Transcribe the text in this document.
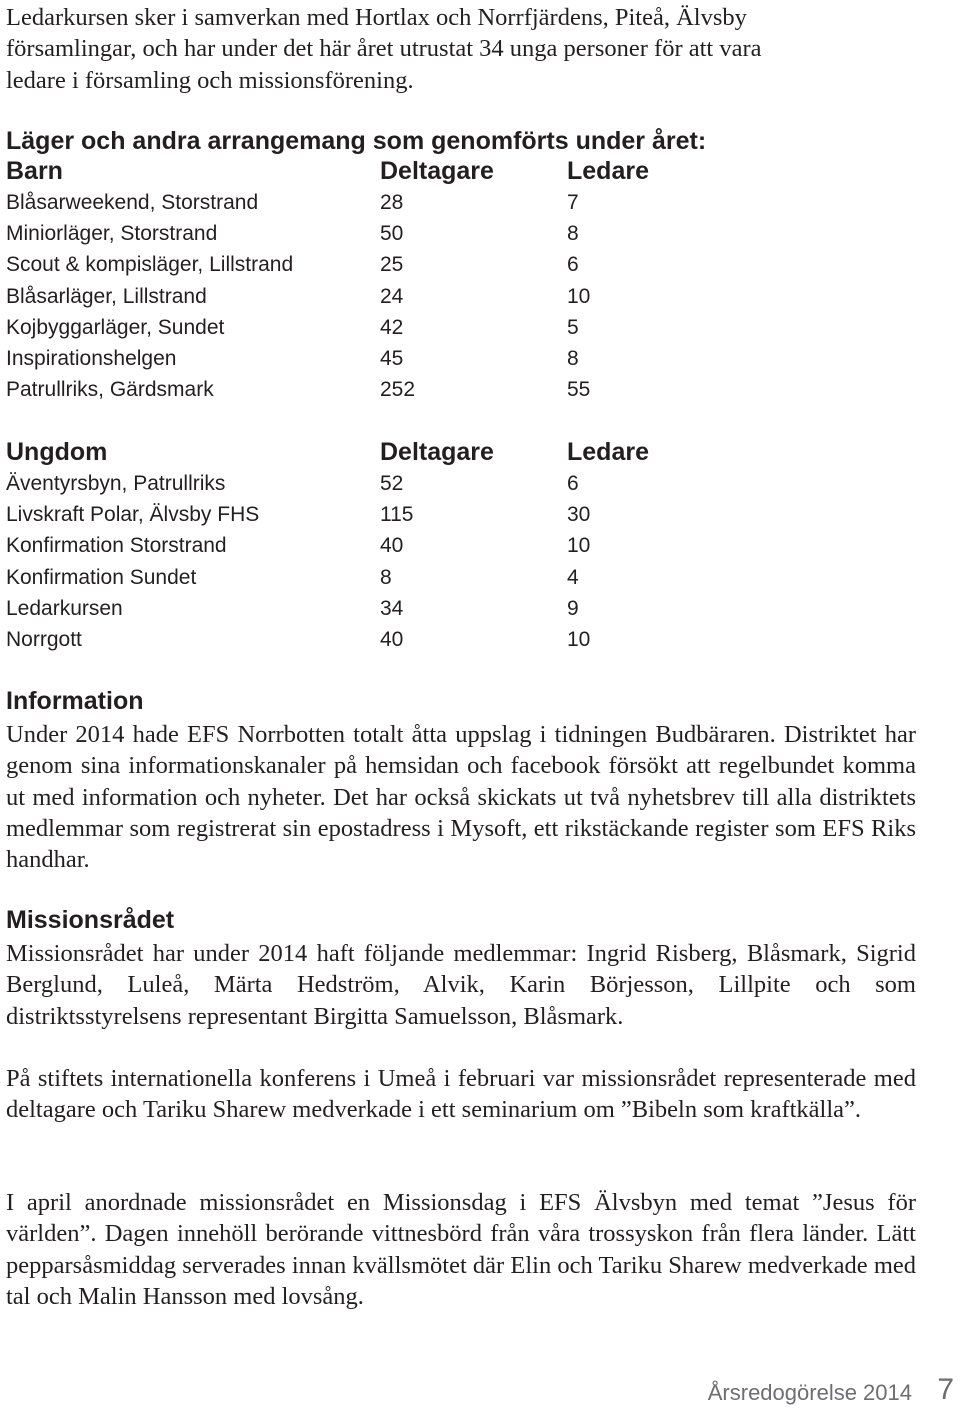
Ledarkursen sker i samverkan med Hortlax och Norrfjärdens, Piteå, Älvsby
församlingar, och har under det här året utrustat 34 unga personer för att vara
ledare i församling och missionsförening.
Läger och andra arrangemang som genomförts under året:
Barn	Deltagare	Ledare
Blåsarweekend, Storstrand	28	7
Miniorläger, Storstrand	50	8
Scout & kompisläger, Lillstrand	25	6
Blåsarläger, Lillstrand	24	10
Kojbyggarläger, Sundet	42	5
Inspirationshelgen	45	8
Patrullriks, Gärdsmark	252	55
Ungdom	Deltagare	Ledare
Äventyrsbyn, Patrullriks	52	6
Livskraft Polar, Älvsby FHS	115	30
Konfirmation Storstrand	40	10
Konfirmation Sundet	8	4
Ledarkursen	34	9
Norrgott	40	10
Information

Under 2014 hade EFS Norrbotten totalt åtta uppslag i tidningen Budbäraren. Distriktet har genom sina informationskanaler på hemsidan och facebook försökt att regelbundet komma ut med information och nyheter. Det har också skickats ut två nyhetsbrev till alla distriktets medlemmar som registrerat sin epostadress i Mysoft, ett rikstäckande register som EFS Riks handhar.

Missionsrådet

Missionsrådet har under 2014 haft följande medlemmar: Ingrid Risberg, Blåsmark, Sigrid Berglund, Luleå, Märta Hedström, Alvik, Karin Börjesson, Lillpite och som distriktsstyrelsens representant Birgitta Samuelsson, Blåsmark.

På stiftets internationella konferens i Umeå i februari var missionsrådet representerade med deltagare och Tariku Sharew medverkade i ett seminarium om ”Bibeln som kraftkälla”.

I april anordnade missionsrådet en Missionsdag i EFS Älvsbyn med temat ”Jesus för världen”. Dagen innehöll berörande vittnesbörd från våra trossyskon från flera länder. Lätt pepparsåsmiddag serverades innan kvällsmötet där Elin och Tariku Sharew medverkade med tal och Malin Hansson med lovsång.

Årsredogörelse 2014 7
